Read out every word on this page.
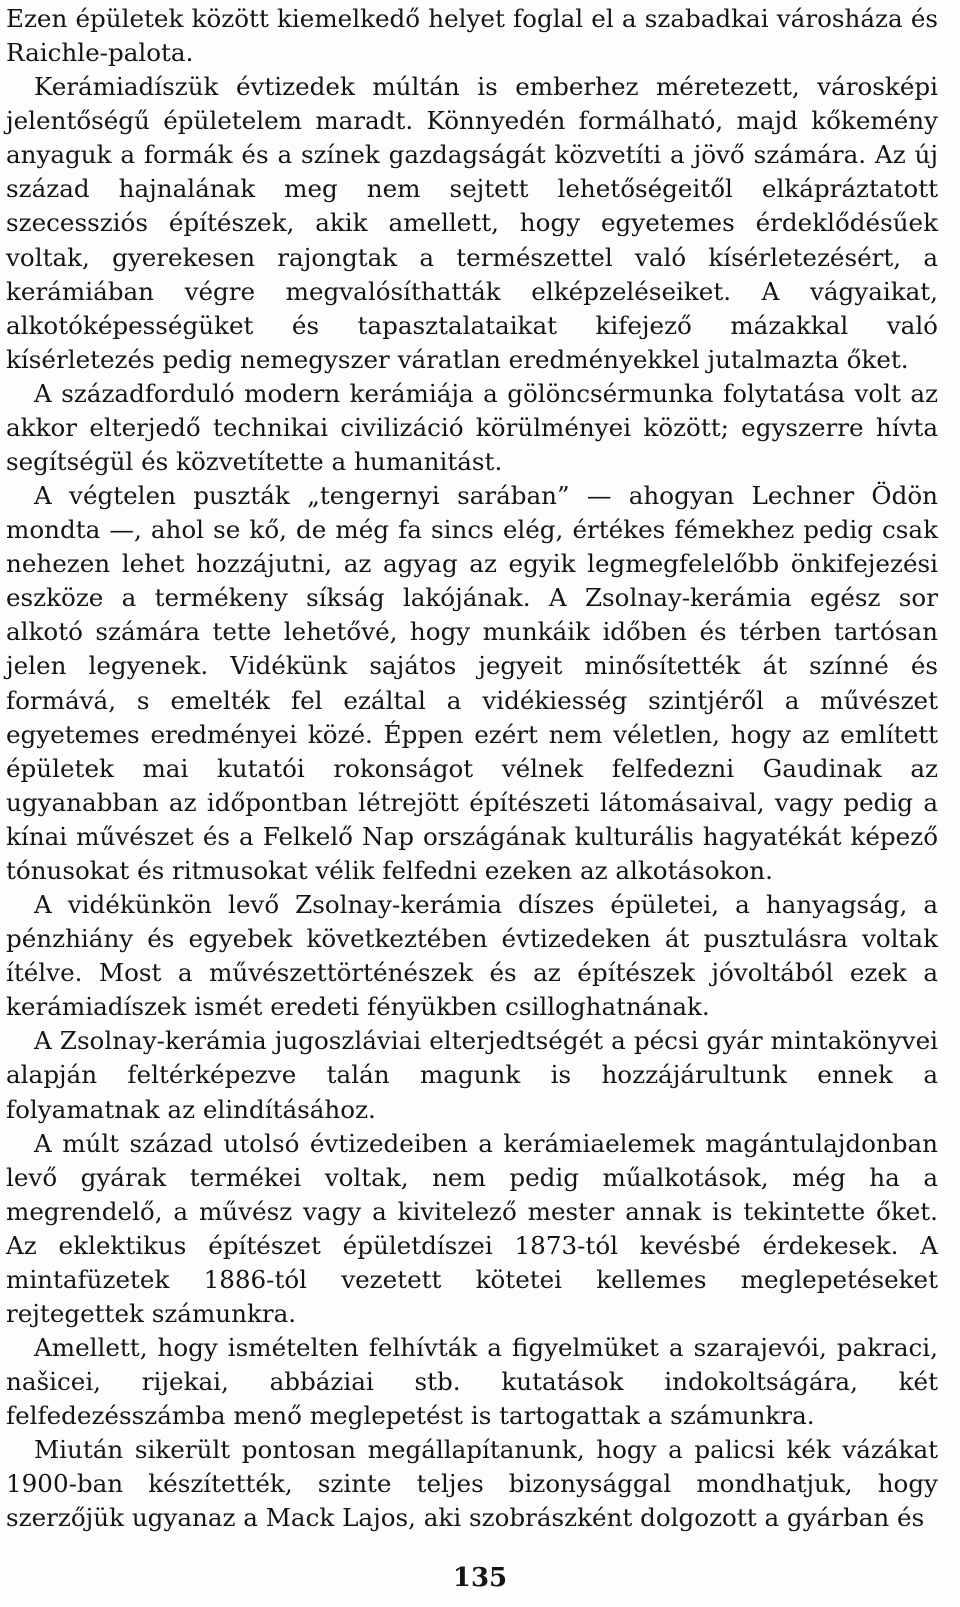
Ezen épületek között kiemelkedő helyet foglal el a szabadkai városháza és Raichle-palota.

Kerámiadíszük évtizedek múltán is emberhez méretezett, városképi jelentőségű épületelem maradt. Könnyedén formálható, majd kőkemény anyaguk a formák és a színek gazdagságát közvetíti a jövő számára. Az új század hajnalának meg nem sejtett lehetőségeitől elkápráztatott szecessziós építészek, akik amellett, hogy egyetemes érdeklődésűek voltak, gyerekesen rajongtak a természettel való kísérletezésért, a kerámiában végre megvalósíthatták elképzeléseiket. A vágyaikat, alkotóképességüket és tapasztalataikat kifejező mázakkal való kísérletezés pedig nemegyszer váratlan eredményekkel jutalmazta őket.

A századforduló modern kerámiája a gölöncsérmunka folytatása volt az akkor elterjedő technikai civilizáció körülményei között; egyszerre hívta segítségül és közvetítette a humanitást.

A végtelen puszták „tengernyi sarában” — ahogyan Lechner Ödön mondta —, ahol se kő, de még fa sincs elég, értékes fémekhez pedig csak nehezen lehet hozzájutni, az agyag az egyik legmegfelelőbb önkifejezési eszköze a termékeny síkság lakójának. A Zsolnay-kerámia egész sor alkotó számára tette lehetővé, hogy munkáik időben és térben tartósan jelen legyenek. Vidékünk sajátos jegyeit minősítették át színné és formává, s emelték fel ezáltal a vidékiesség szintjéről a művészet egyetemes eredményei közé. Éppen ezért nem véletlen, hogy az említett épületek mai kutatói rokonságot vélnek felfedezni Gaudinak az ugyanabban az időpontban létrejött építészeti látomásaival, vagy pedig a kínai művészet és a Felkelő Nap országának kulturális hagyatékát képező tónusokat és ritmusokat vélik felfedni ezeken az alkotásokon.

A vidékünkön levő Zsolnay-kerámia díszes épületei, a hanyagság, a pénzhiány és egyebek következtében évtizedeken át pusztulásra voltak ítélve. Most a művészettörténészek és az építészek jóvoltából ezek a kerámiadíszek ismét eredeti fényükben csilloghatnának.

A Zsolnay-kerámia jugoszláviai elterjedtségét a pécsi gyár mintakönyvei alapján feltérképezve talán magunk is hozzájárultunk ennek a folyamatnak az elindításához.

A múlt század utolsó évtizedeiben a kerámiaelemek magántulajdonban levő gyárak termékei voltak, nem pedig műalkotások, még ha a megrendelő, a művész vagy a kivitelező mester annak is tekintette őket. Az eklektikus építészet épületdíszei 1873-tól kevésbé érdekesek. A mintafüzetek 1886-tól vezetett kötetei kellemes meglepetéseket rejtegettek számunkra.

Amellett, hogy ismételten felhívták a figyelmüket a szarajevói, pakraci, našicei, rijekai, abbáziai stb. kutatások indokoltságára, két felfedezésszámba menő meglepetést is tartogattak a számunkra.

Miután sikerült pontosan megállapítanunk, hogy a palicsi kék vázákat 1900-ban készítették, szinte teljes bizonysággal mondhatjuk, hogy szerzőjük ugyanaz a Mack Lajos, aki szobrászként dolgozott a gyárban és

135
